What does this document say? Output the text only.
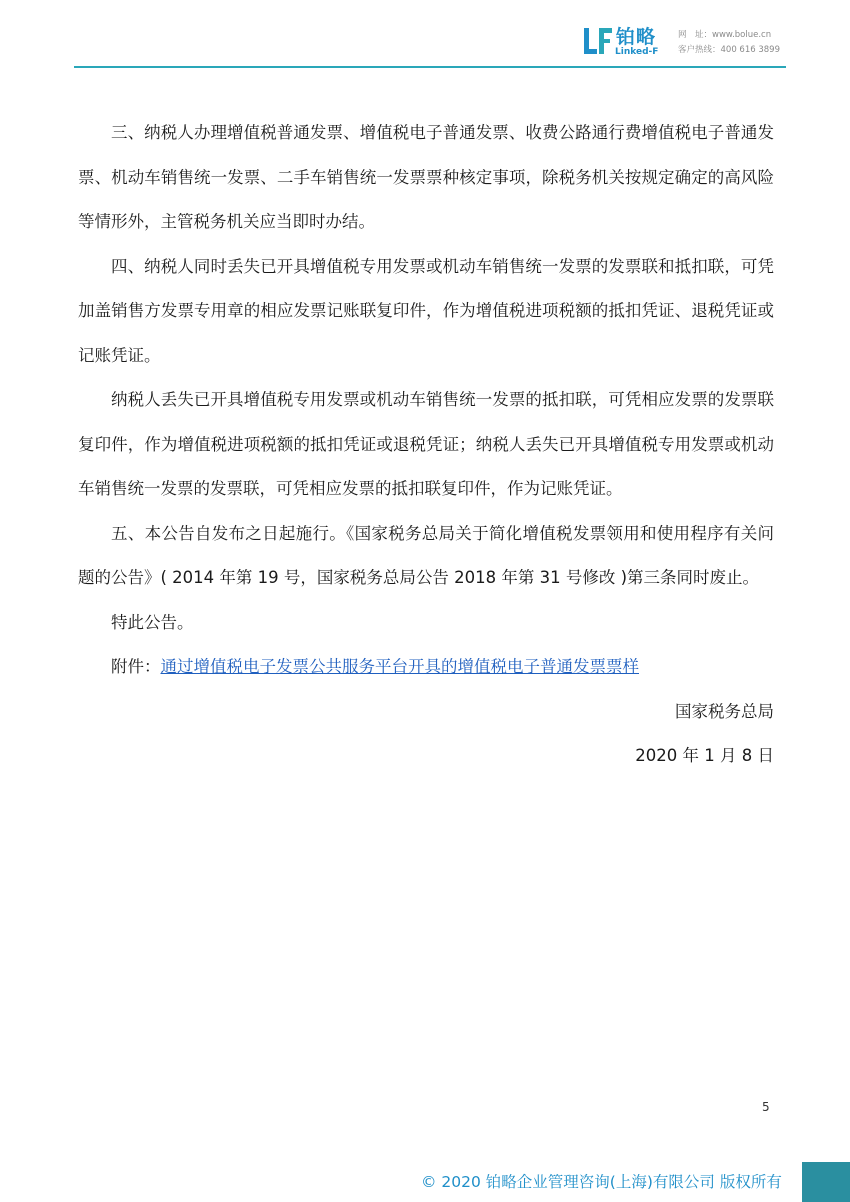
铂略
Linked-F
网　址：www.bolue.cn
客户热线：400 616 3899

三、纳税人办理增值税普通发票、增值税电子普通发票、收费公路通行费增值税电子普通发票、机动车销售统一发票、二手车销售统一发票票种核定事项，除税务机关按规定确定的高风险等情形外，主管税务机关应当即时办结。

四、纳税人同时丢失已开具增值税专用发票或机动车销售统一发票的发票联和抵扣联，可凭加盖销售方发票专用章的相应发票记账联复印件，作为增值税进项税额的抵扣凭证、退税凭证或记账凭证。

纳税人丢失已开具增值税专用发票或机动车销售统一发票的抵扣联，可凭相应发票的发票联复印件，作为增值税进项税额的抵扣凭证或退税凭证；纳税人丢失已开具增值税专用发票或机动车销售统一发票的发票联，可凭相应发票的抵扣联复印件，作为记账凭证。

五、本公告自发布之日起施行。《国家税务总局关于简化增值税发票领用和使用程序有关问题的公告》( 2014 年第 19 号，国家税务总局公告 2018 年第 31 号修改 )第三条同时废止。

特此公告。

附件：通过增值税电子发票公共服务平台开具的增值税电子普通发票票样

国家税务总局

2020 年 1 月 8 日

5
© 2020 铂略企业管理咨询(上海)有限公司 版权所有
